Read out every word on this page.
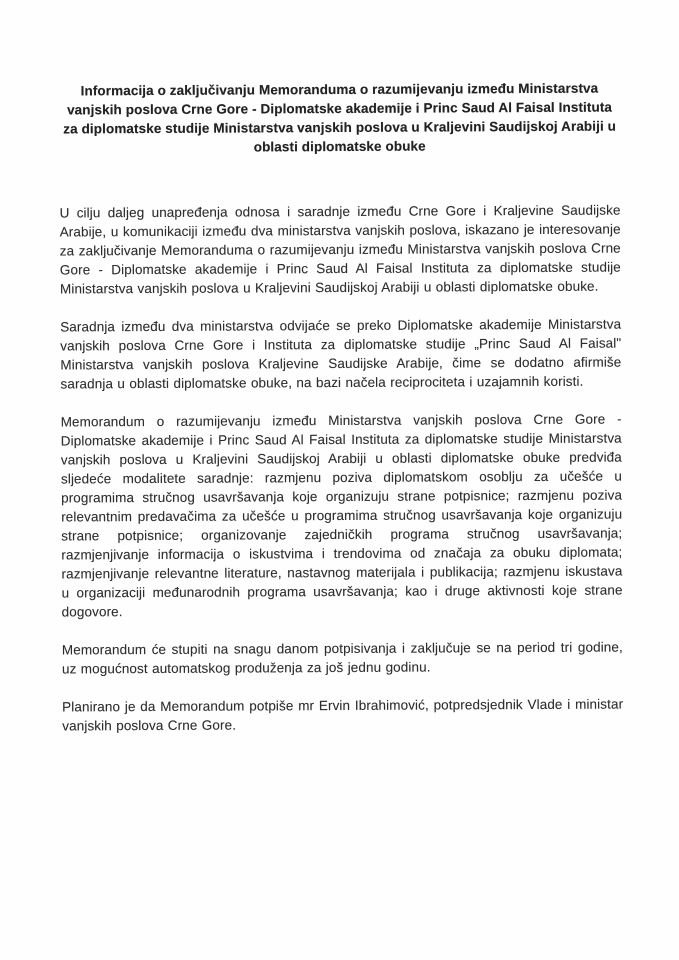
Informacija o zaključivanju Memoranduma o razumijevanju između Ministarstva vanjskih poslova Crne Gore - Diplomatske akademije i Princ Saud Al Faisal Instituta za diplomatske studije Ministarstva vanjskih poslova u Kraljevini Saudijskoj Arabiji u oblasti diplomatske obuke

U cilju daljeg unapređenja odnosa i saradnje između Crne Gore i Kraljevine Saudijske Arabije, u komunikaciji između dva ministarstva vanjskih poslova, iskazano je interesovanje za zaključivanje Memoranduma o razumijevanju između Ministarstva vanjskih poslova Crne Gore - Diplomatske akademije i Princ Saud Al Faisal Instituta za diplomatske studije Ministarstva vanjskih poslova u Kraljevini Saudijskoj Arabiji u oblasti diplomatske obuke.

Saradnja između dva ministarstva odvijaće se preko Diplomatske akademije Ministarstva vanjskih poslova Crne Gore i Instituta za diplomatske studije „Princ Saud Al Faisal" Ministarstva vanjskih poslova Kraljevine Saudijske Arabije, čime se dodatno afirmiše saradnja u oblasti diplomatske obuke, na bazi načela reciprociteta i uzajamnih koristi.

Memorandum o razumijevanju između Ministarstva vanjskih poslova Crne Gore - Diplomatske akademije i Princ Saud Al Faisal Instituta za diplomatske studije Ministarstva vanjskih poslova u Kraljevini Saudijskoj Arabiji u oblasti diplomatske obuke predviđa sljedeće modalitete saradnje: razmjenu poziva diplomatskom osoblju za učešće u programima stručnog usavršavanja koje organizuju strane potpisnice; razmjenu poziva relevantnim predavačima za učešće u programima stručnog usavršavanja koje organizuju strane potpisnice; organizovanje zajedničkih programa stručnog usavršavanja; razmjenjivanje informacija o iskustvima i trendovima od značaja za obuku diplomata; razmjenjivanje relevantne literature, nastavnog materijala i publikacija; razmjenu iskustava u organizaciji međunarodnih programa usavršavanja; kao i druge aktivnosti koje strane dogovore.

Memorandum će stupiti na snagu danom potpisivanja i zaključuje se na period tri godine, uz mogućnost automatskog produženja za još jednu godinu.

Planirano je da Memorandum potpiše mr Ervin Ibrahimović, potpredsjednik Vlade i ministar vanjskih poslova Crne Gore.
